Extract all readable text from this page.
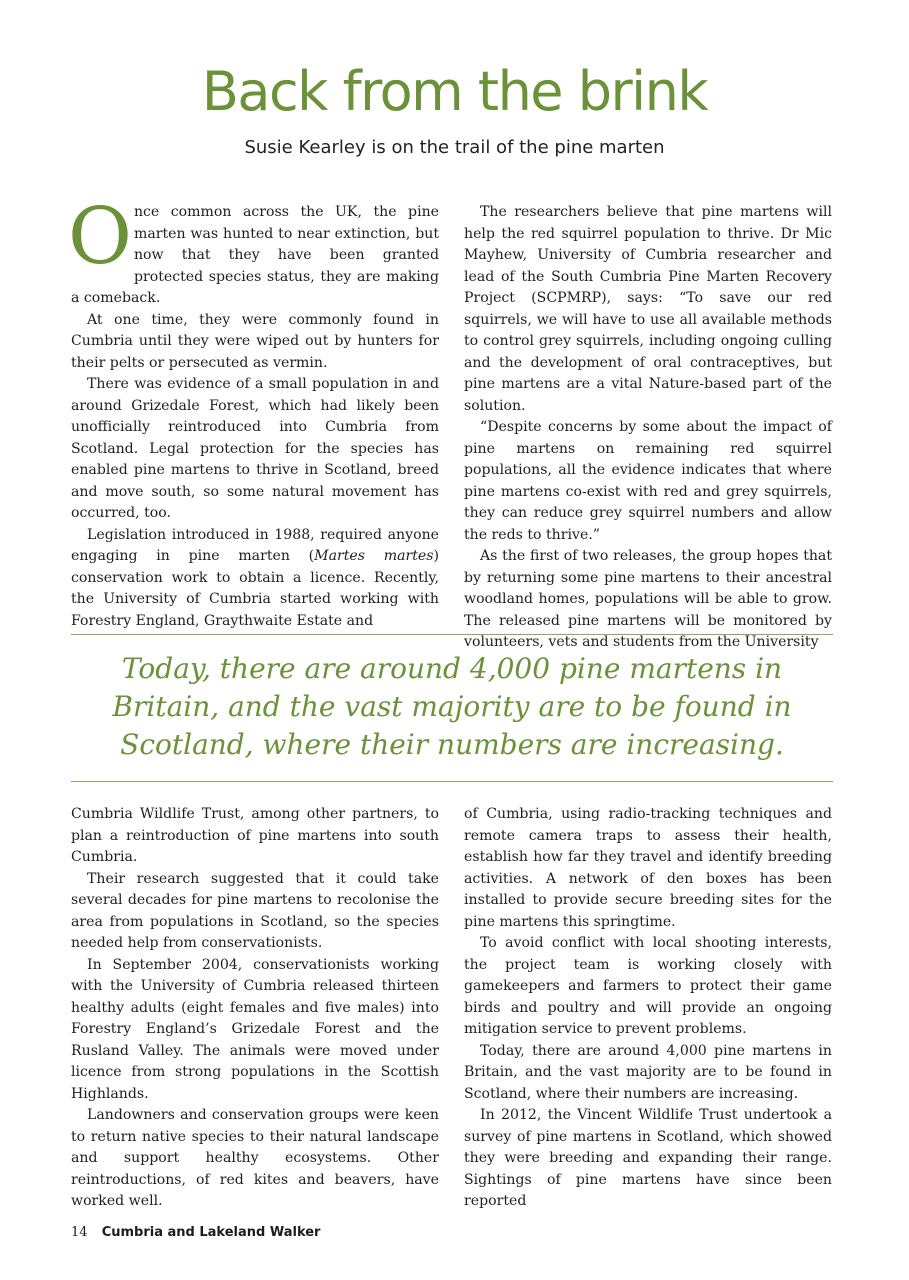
Back from the brink
Susie Kearley is on the trail of the pine marten

Once common across the UK, the pine marten was hunted to near extinction, but now that they have been granted protected species status, they are making a comeback.

At one time, they were commonly found in Cumbria until they were wiped out by hunters for their pelts or persecuted as vermin.

There was evidence of a small population in and around Grizedale Forest, which had likely been unofficially reintroduced into Cumbria from Scotland. Legal protection for the species has enabled pine martens to thrive in Scotland, breed and move south, so some natural movement has occurred, too.

Legislation introduced in 1988, required anyone engaging in pine marten (Martes martes) conservation work to obtain a licence. Recently, the University of Cumbria started working with Forestry England, Graythwaite Estate and

The researchers believe that pine martens will help the red squirrel population to thrive. Dr Mic Mayhew, University of Cumbria researcher and lead of the South Cumbria Pine Marten Recovery Project (SCPMRP), says: “To save our red squirrels, we will have to use all available methods to control grey squirrels, including ongoing culling and the development of oral contraceptives, but pine martens are a vital Nature-based part of the solution.

“Despite concerns by some about the impact of pine martens on remaining red squirrel populations, all the evidence indicates that where pine martens co-exist with red and grey squirrels, they can reduce grey squirrel numbers and allow the reds to thrive.”

As the first of two releases, the group hopes that by returning some pine martens to their ancestral woodland homes, populations will be able to grow. The released pine martens will be monitored by volunteers, vets and students from the University

Today, there are around 4,000 pine martens in Britain, and the vast majority are to be found in Scotland, where their numbers are increasing.

Cumbria Wildlife Trust, among other partners, to plan a reintroduction of pine martens into south Cumbria.

Their research suggested that it could take several decades for pine martens to recolonise the area from populations in Scotland, so the species needed help from conservationists.

In September 2004, conservationists working with the University of Cumbria released thirteen healthy adults (eight females and five males) into Forestry England’s Grizedale Forest and the Rusland Valley. The animals were moved under licence from strong populations in the Scottish Highlands.

Landowners and conservation groups were keen to return native species to their natural landscape and support healthy ecosystems. Other reintroductions, of red kites and beavers, have worked well.

of Cumbria, using radio-tracking techniques and remote camera traps to assess their health, establish how far they travel and identify breeding activities. A network of den boxes has been installed to provide secure breeding sites for the pine martens this springtime.

To avoid conflict with local shooting interests, the project team is working closely with gamekeepers and farmers to protect their game birds and poultry and will provide an ongoing mitigation service to prevent problems.

Today, there are around 4,000 pine martens in Britain, and the vast majority are to be found in Scotland, where their numbers are increasing.

In 2012, the Vincent Wildlife Trust undertook a survey of pine martens in Scotland, which showed they were breeding and expanding their range. Sightings of pine martens have since been reported

14 Cumbria and Lakeland Walker
